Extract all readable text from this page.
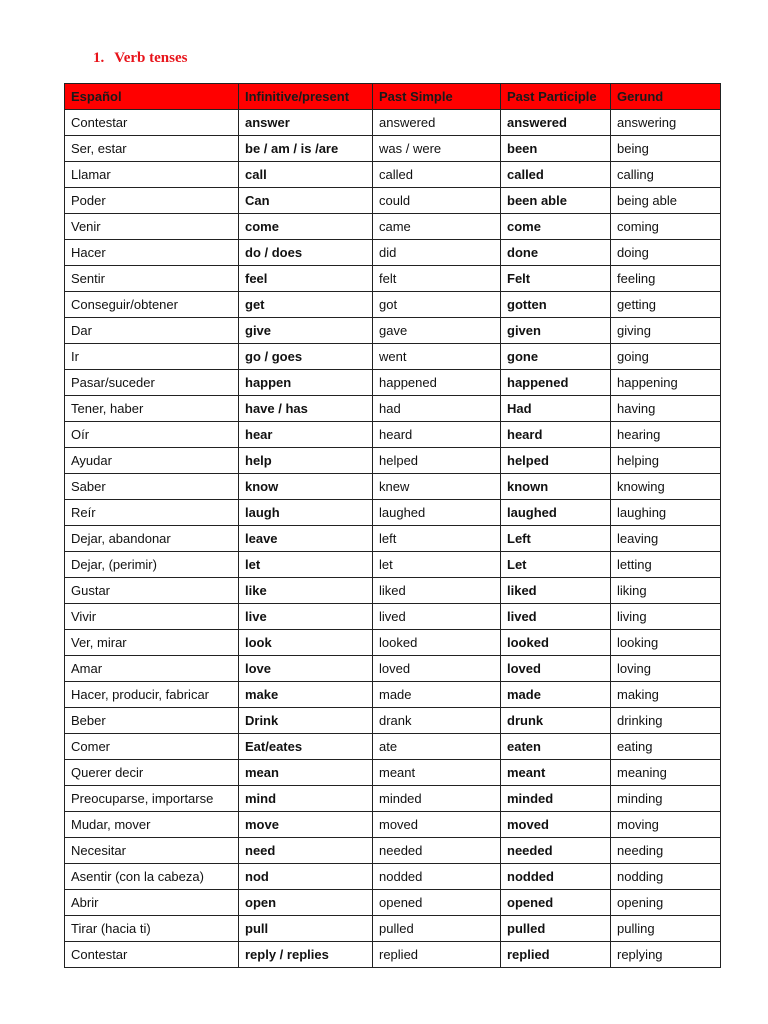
1. Verb tenses
Español	Infinitive/present	Past Simple	Past Participle	Gerund
Contestar	answer	answered	answered	answering
Ser, estar	be / am / is /are	was / were	been	being
Llamar	call	called	called	calling
Poder	Can	could	been able	being able
Venir	come	came	come	coming
Hacer	do / does	did	done	doing
Sentir	feel	felt	Felt	feeling
Conseguir/obtener	get	got	gotten	getting
Dar	give	gave	given	giving
Ir	go / goes	went	gone	going
Pasar/suceder	happen	happened	happened	happening
Tener, haber	have / has	had	Had	having
Oír	hear	heard	heard	hearing
Ayudar	help	helped	helped	helping
Saber	know	knew	known	knowing
Reír	laugh	laughed	laughed	laughing
Dejar, abandonar	leave	left	Left	leaving
Dejar, (perimir)	let	let	Let	letting
Gustar	like	liked	liked	liking
Vivir	live	lived	lived	living
Ver, mirar	look	looked	looked	looking
Amar	love	loved	loved	loving
Hacer, producir, fabricar	make	made	made	making
Beber	Drink	drank	drunk	drinking
Comer	Eat/eates	ate	eaten	eating
Querer decir	mean	meant	meant	meaning
Preocuparse, importarse	mind	minded	minded	minding
Mudar, mover	move	moved	moved	moving
Necesitar	need	needed	needed	needing
Asentir (con la cabeza)	nod	nodded	nodded	nodding
Abrir	open	opened	opened	opening
Tirar (hacia ti)	pull	pulled	pulled	pulling
Contestar	reply / replies	replied	replied	replying
